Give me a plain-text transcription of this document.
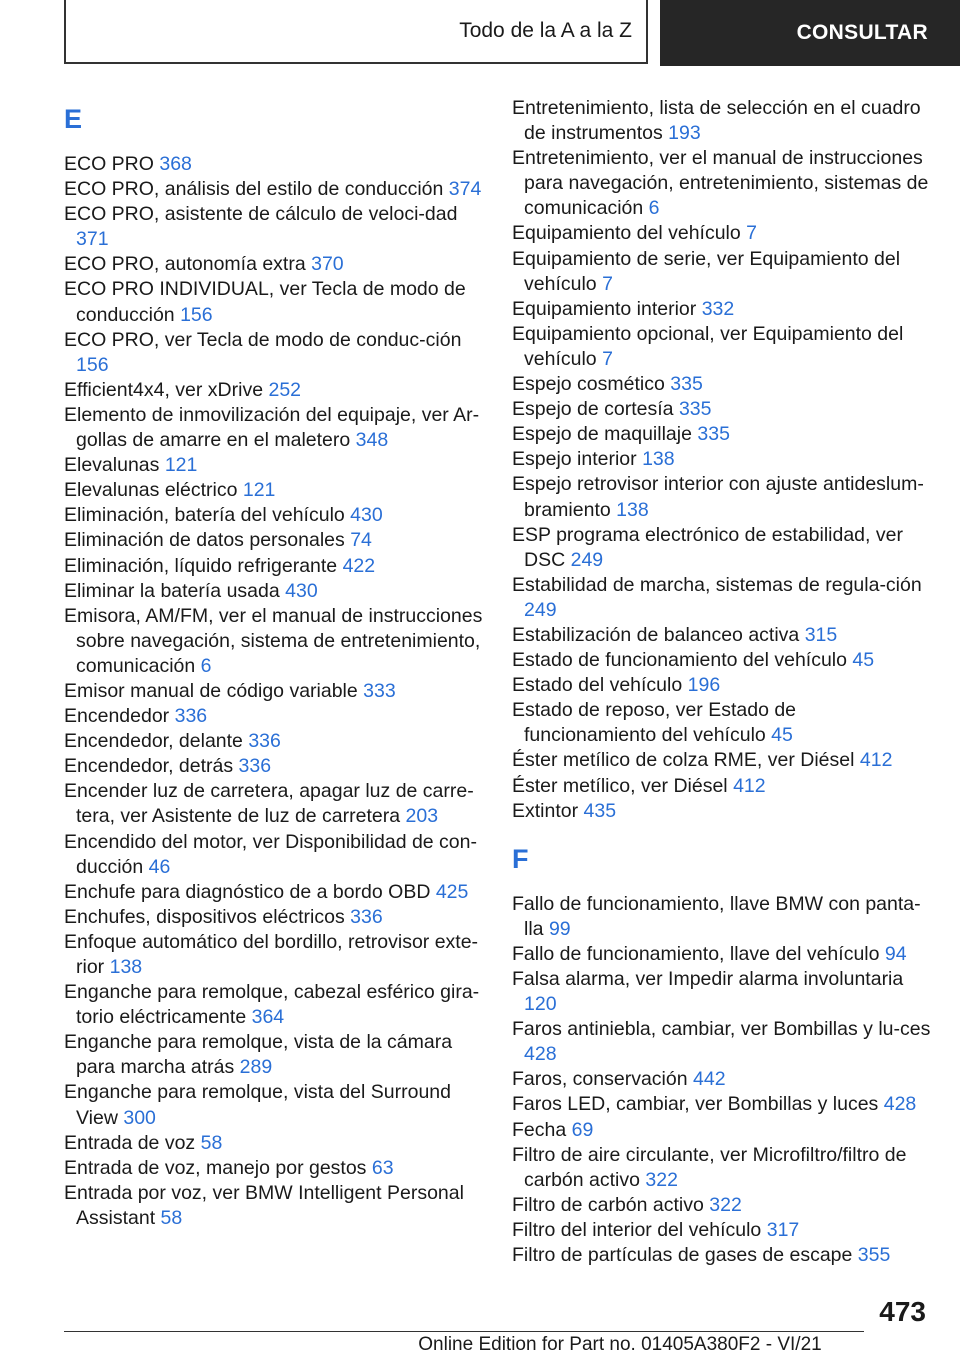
Todo de la A a la Z	CONSULTAR
E
ECO PRO 368
ECO PRO, análisis del estilo de conducción 374
ECO PRO, asistente de cálculo de veloci‐dad 371
ECO PRO, autonomía extra 370
ECO PRO INDIVIDUAL, ver Tecla de modo de conducción 156
ECO PRO, ver Tecla de modo de conduc‐ción 156
Efficient4x4, ver xDrive 252
Elemento de inmovilización del equipaje, ver Ar‐gollas de amarre en el maletero 348
Elevalunas 121
Elevalunas eléctrico 121
Eliminación, batería del vehículo 430
Eliminación de datos personales 74
Eliminación, líquido refrigerante 422
Eliminar la batería usada 430
Emisora, AM/FM, ver el manual de instrucciones sobre navegación, sistema de entretenimiento, comunicación 6
Emisor manual de código variable 333
Encendedor 336
Encendedor, delante 336
Encendedor, detrás 336
Encender luz de carretera, apagar luz de carre‐tera, ver Asistente de luz de carretera 203
Encendido del motor, ver Disponibilidad de con‐ducción 46
Enchufe para diagnóstico de a bordo OBD 425
Enchufes, dispositivos eléctricos 336
Enfoque automático del bordillo, retrovisor exte‐rior 138
Enganche para remolque, cabezal esférico gira‐torio eléctricamente 364
Enganche para remolque, vista de la cámara para marcha atrás 289
Enganche para remolque, vista del Surround View 300
Entrada de voz 58
Entrada de voz, manejo por gestos 63
Entrada por voz, ver BMW Intelligent Personal Assistant 58
Entretenimiento, lista de selección en el cuadro de instrumentos 193
Entretenimiento, ver el manual de instrucciones para navegación, entretenimiento, sistemas de comunicación 6
Equipamiento del vehículo 7
Equipamiento de serie, ver Equipamiento del vehículo 7
Equipamiento interior 332
Equipamiento opcional, ver Equipamiento del vehículo 7
Espejo cosmético 335
Espejo de cortesía 335
Espejo de maquillaje 335
Espejo interior 138
Espejo retrovisor interior con ajuste antideslum‐bramiento 138
ESP programa electrónico de estabilidad, ver DSC 249
Estabilidad de marcha, sistemas de regula‐ción 249
Estabilización de balanceo activa 315
Estado de funcionamiento del vehículo 45
Estado del vehículo 196
Estado de reposo, ver Estado de funcionamiento del vehículo 45
Éster metílico de colza RME, ver Diésel 412
Éster metílico, ver Diésel 412
Extintor 435
F
Fallo de funcionamiento, llave BMW con panta‐lla 99
Fallo de funcionamiento, llave del vehículo 94
Falsa alarma, ver Impedir alarma involuntaria 120
Faros antiniebla, cambiar, ver Bombillas y lu‐ces 428
Faros, conservación 442
Faros LED, cambiar, ver Bombillas y luces 428
Fecha 69
Filtro de aire circulante, ver Microfiltro/filtro de carbón activo 322
Filtro de carbón activo 322
Filtro del interior del vehículo 317
Filtro de partículas de gases de escape 355
473
Online Edition for Part no. 01405A380F2 - VI/21
